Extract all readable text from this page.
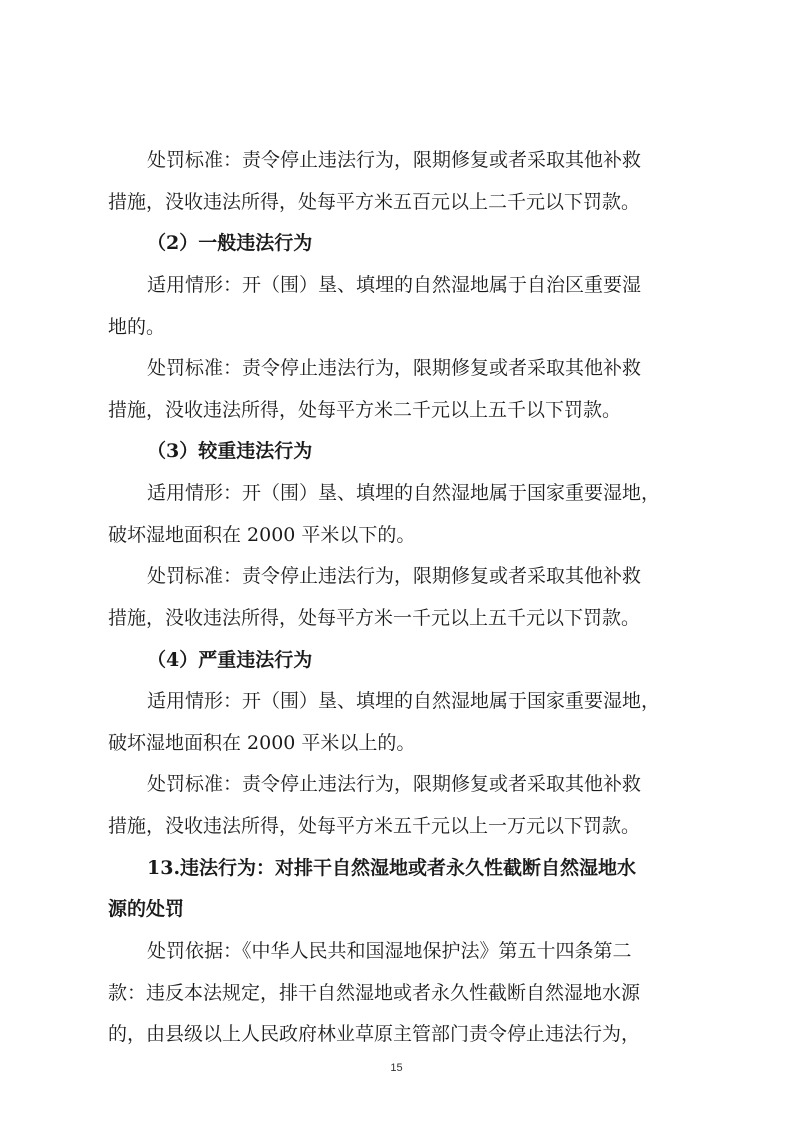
处罚标准：责令停止违法行为，限期修复或者采取其他补救
措施，没收违法所得，处每平方米五百元以上二千元以下罚款。
（2）一般违法行为
适用情形：开（围）垦、填埋的自然湿地属于自治区重要湿
地的。
处罚标准：责令停止违法行为，限期修复或者采取其他补救
措施，没收违法所得，处每平方米二千元以上五千以下罚款。
（3）较重违法行为
适用情形：开（围）垦、填埋的自然湿地属于国家重要湿地，
破坏湿地面积在 2000 平米以下的。
处罚标准：责令停止违法行为，限期修复或者采取其他补救
措施，没收违法所得，处每平方米一千元以上五千元以下罚款。
（4）严重违法行为
适用情形：开（围）垦、填埋的自然湿地属于国家重要湿地，
破坏湿地面积在 2000 平米以上的。
处罚标准：责令停止违法行为，限期修复或者采取其他补救
措施，没收违法所得，处每平方米五千元以上一万元以下罚款。
13.违法行为：对排干自然湿地或者永久性截断自然湿地水
源的处罚
处罚依据：《中华人民共和国湿地保护法》第五十四条第二
款：违反本法规定，排干自然湿地或者永久性截断自然湿地水源
的，由县级以上人民政府林业草原主管部门责令停止违法行为，
15
